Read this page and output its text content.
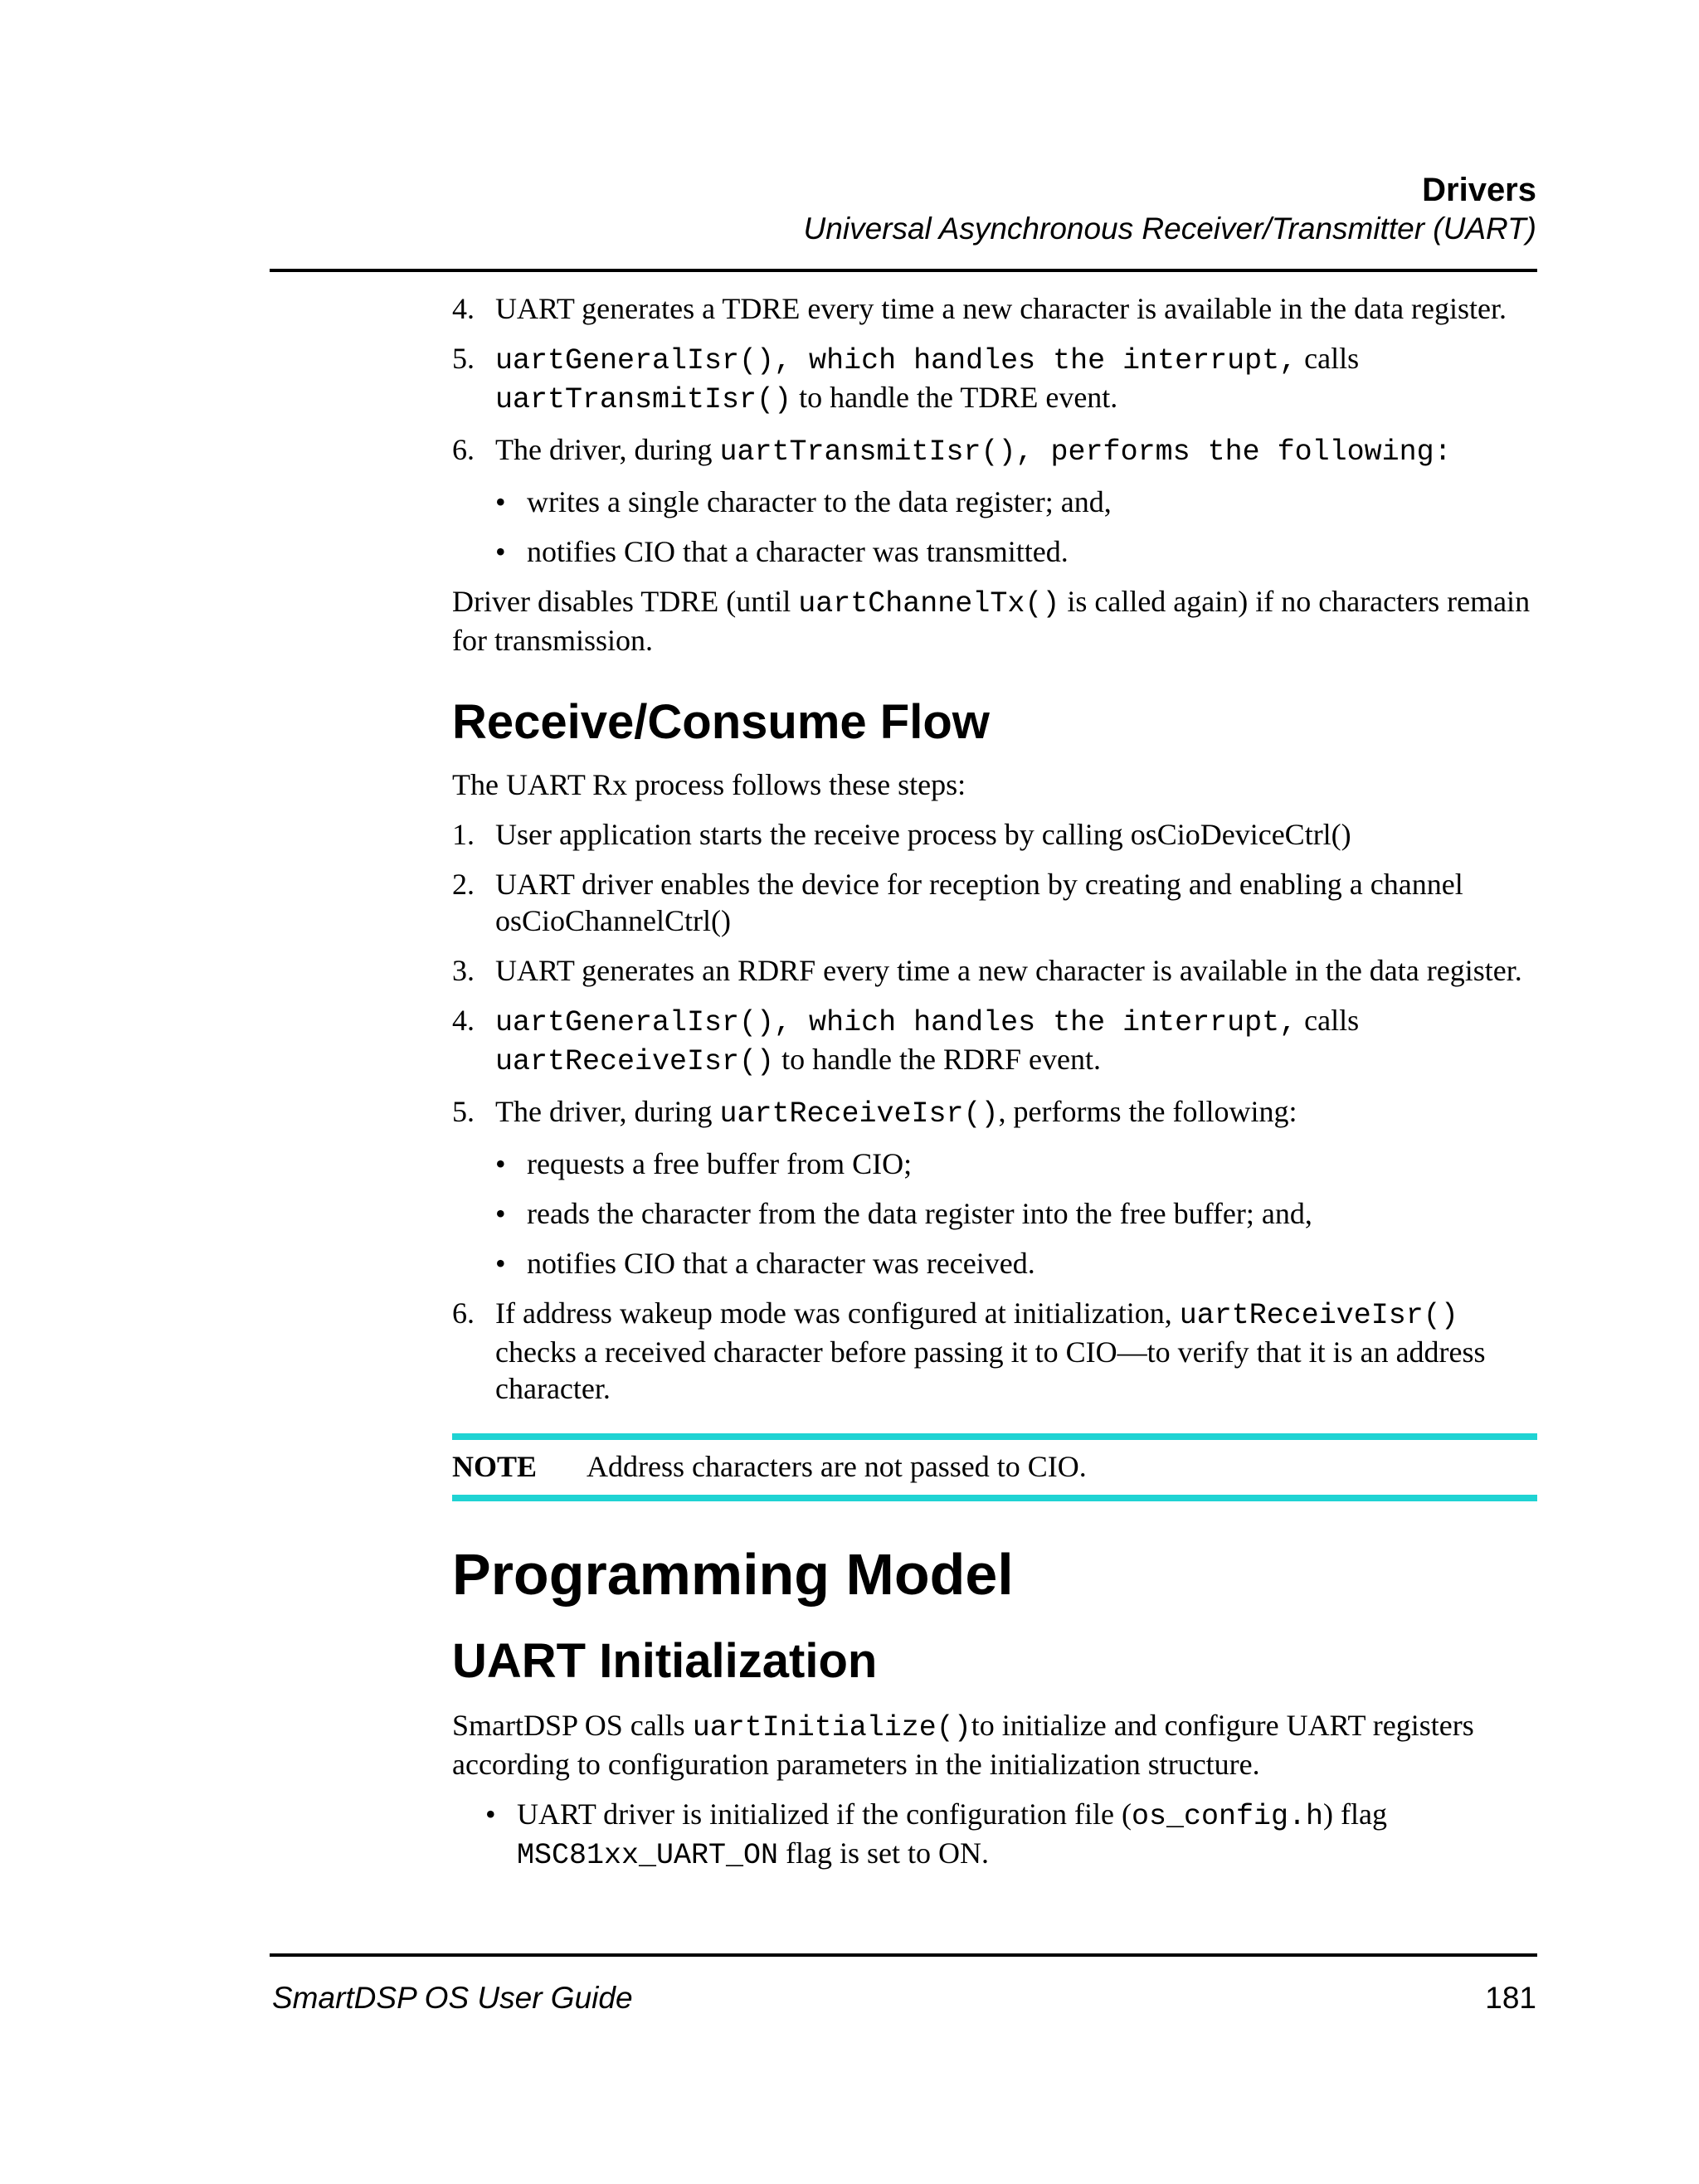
Drivers
Universal Asynchronous Receiver/Transmitter (UART)
4. UART generates a TDRE every time a new character is available in the data register.
5. uartGeneralIsr(), which handles the interrupt, calls
uartTransmitIsr() to handle the TDRE event.
6. The driver, during uartTransmitIsr(), performs the following:
• writes a single character to the data register; and,
• notifies CIO that a character was transmitted.

Driver disables TDRE (until uartChannelTx() is called again) if no characters remain for transmission.

Receive/Consume Flow

The UART Rx process follows these steps:

1. User application starts the receive process by calling osCioDeviceCtrl()
2. UART driver enables the device for reception by creating and enabling a channel osCioChannelCtrl()
3. UART generates an RDRF every time a new character is available in the data register.
4. uartGeneralIsr(), which handles the interrupt, calls
uartReceiveIsr() to handle the RDRF event.
5. The driver, during uartReceiveIsr(), performs the following:
• requests a free buffer from CIO;
• reads the character from the data register into the free buffer; and,
• notifies CIO that a character was received.
6. If address wakeup mode was configured at initialization, uartReceiveIsr() checks a received character before passing it to CIO—to verify that it is an address character.
NOTE	Address characters are not passed to CIO.
Programming Model
UART Initialization

SmartDSP OS calls uartInitialize()to initialize and configure UART registers according to configuration parameters in the initialization structure.

• UART driver is initialized if the configuration file (os_config.h) flag
MSC81xx_UART_ON flag is set to ON.
SmartDSP OS User Guide	181
